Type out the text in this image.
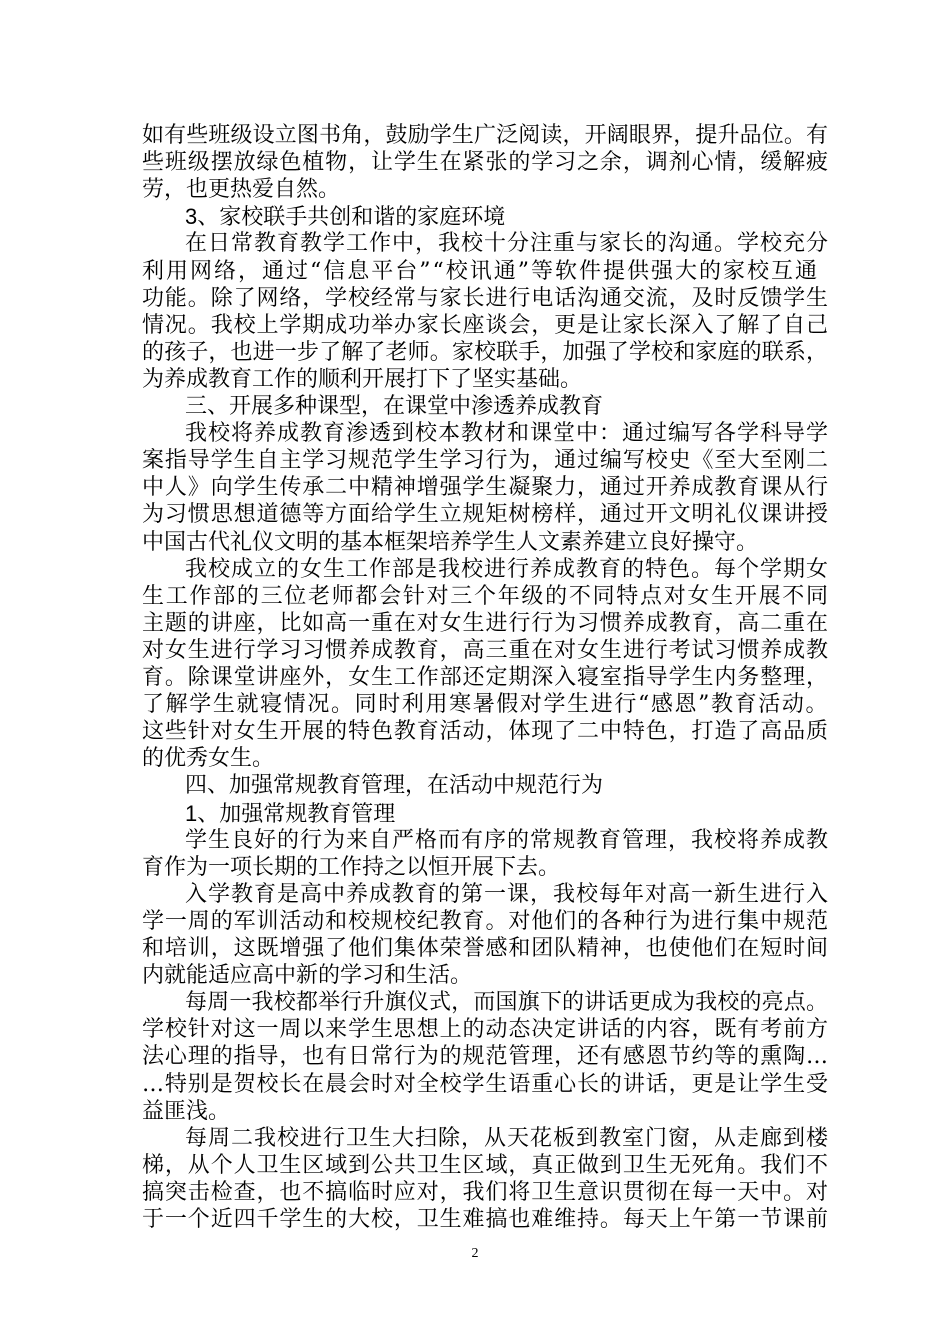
如有些班级设立图书角，鼓励学生广泛阅读，开阔眼界，提升品位。有
些班级摆放绿色植物，让学生在紧张的学习之余，调剂心情，缓解疲
劳，也更热爱自然。
3、家校联手共创和谐的家庭环境
在日常教育教学工作中，我校十分注重与家长的沟通。学校充分
利用网络，通过“信息平台”“校讯通”等软件提供强大的家校互通
功能。除了网络，学校经常与家长进行电话沟通交流，及时反馈学生
情况。我校上学期成功举办家长座谈会，更是让家长深入了解了自己
的孩子，也进一步了解了老师。家校联手，加强了学校和家庭的联系，
为养成教育工作的顺利开展打下了坚实基础。
三、开展多种课型，在课堂中渗透养成教育
我校将养成教育渗透到校本教材和课堂中：通过编写各学科导学
案指导学生自主学习规范学生学习行为，通过编写校史《至大至刚二
中人》向学生传承二中精神增强学生凝聚力，通过开养成教育课从行
为习惯思想道德等方面给学生立规矩树榜样，通过开文明礼仪课讲授
中国古代礼仪文明的基本框架培养学生人文素养建立良好操守。
我校成立的女生工作部是我校进行养成教育的特色。每个学期女
生工作部的三位老师都会针对三个年级的不同特点对女生开展不同
主题的讲座，比如高一重在对女生进行行为习惯养成教育，高二重在
对女生进行学习习惯养成教育，高三重在对女生进行考试习惯养成教
育。除课堂讲座外，女生工作部还定期深入寝室指导学生内务整理，
了解学生就寝情况。同时利用寒暑假对学生进行“感恩”教育活动。
这些针对女生开展的特色教育活动，体现了二中特色，打造了高品质
的优秀女生。
四、加强常规教育管理，在活动中规范行为
1、加强常规教育管理
学生良好的行为来自严格而有序的常规教育管理，我校将养成教
育作为一项长期的工作持之以恒开展下去。
入学教育是高中养成教育的第一课，我校每年对高一新生进行入
学一周的军训活动和校规校纪教育。对他们的各种行为进行集中规范
和培训，这既增强了他们集体荣誉感和团队精神，也使他们在短时间
内就能适应高中新的学习和生活。
每周一我校都举行升旗仪式，而国旗下的讲话更成为我校的亮点。
学校针对这一周以来学生思想上的动态决定讲话的内容，既有考前方
法心理的指导，也有日常行为的规范管理，还有感恩节约等的熏陶…
…特别是贺校长在晨会时对全校学生语重心长的讲话，更是让学生受
益匪浅。
每周二我校进行卫生大扫除，从天花板到教室门窗，从走廊到楼
梯，从个人卫生区域到公共卫生区域，真正做到卫生无死角。我们不
搞突击检查，也不搞临时应对，我们将卫生意识贯彻在每一天中。对
于一个近四千学生的大校，卫生难搞也难维持。每天上午第一节课前
2
